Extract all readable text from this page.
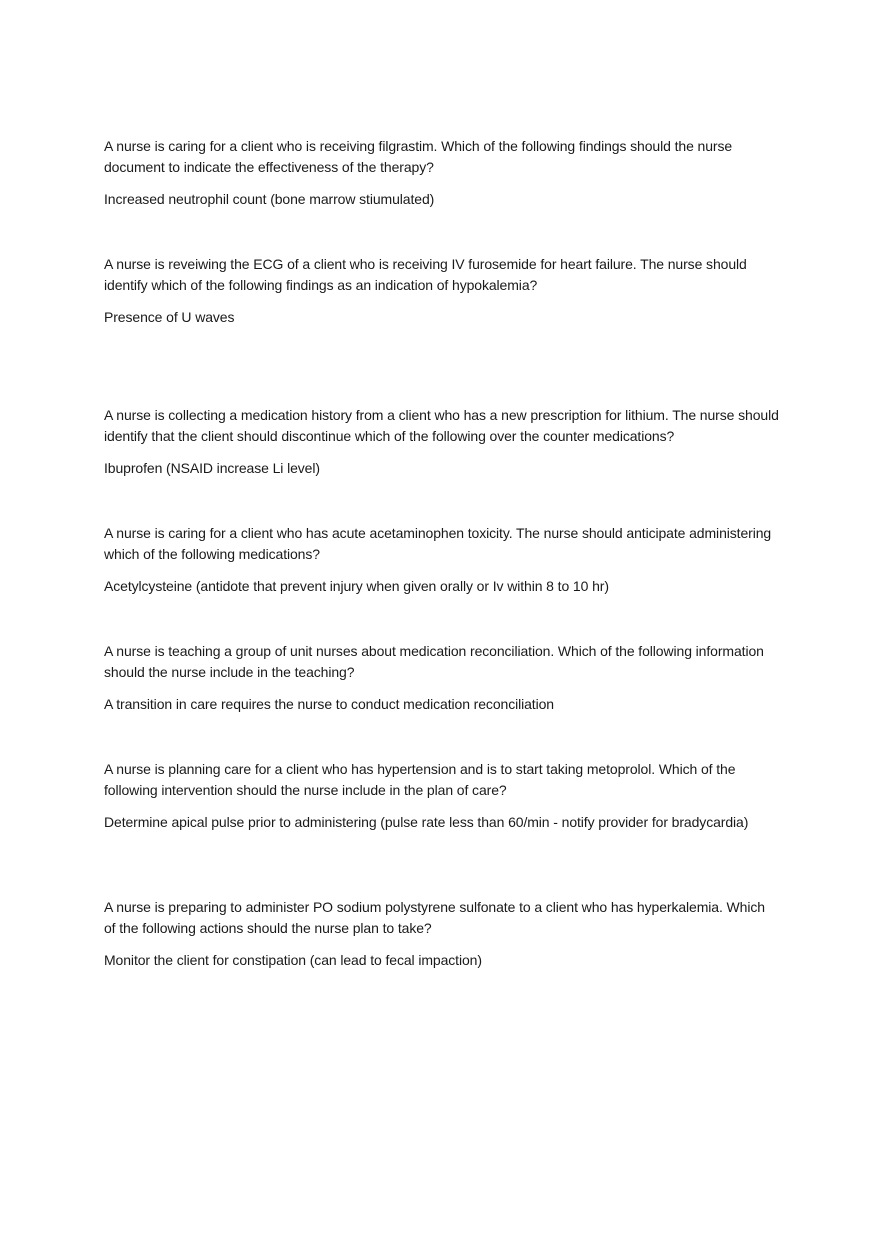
A nurse is caring for a client who is receiving filgrastim. Which of the following findings should the nurse document to indicate the effectiveness of the therapy?

Increased neutrophil count (bone marrow stiumulated)

A nurse is reveiwing the ECG of a client who is receiving IV furosemide for heart failure. The nurse should identify which of the following findings as an indication of hypokalemia?

Presence of U waves

A nurse is collecting a medication history from a client who has a new prescription for lithium. The nurse should identify that the client should discontinue which of the following over the counter medications?

Ibuprofen (NSAID increase Li level)

A nurse is caring for a client who has acute acetaminophen toxicity. The nurse should anticipate administering which of the following medications?

Acetylcysteine (antidote that prevent injury when given orally or Iv within 8 to 10 hr)

A nurse is teaching a group of unit nurses about medication reconciliation. Which of the following information should the nurse include in the teaching?

A transition in care requires the nurse to conduct medication reconciliation

A nurse is planning care for a client who has hypertension and is to start taking metoprolol. Which of the following intervention should the nurse include in the plan of care?

Determine apical pulse prior to administering (pulse rate less than 60/min - notify provider for bradycardia)

A nurse is preparing to administer PO sodium polystyrene sulfonate to a client who has hyperkalemia. Which of the following actions should the nurse plan to take?

Monitor the client for constipation (can lead to fecal impaction)
